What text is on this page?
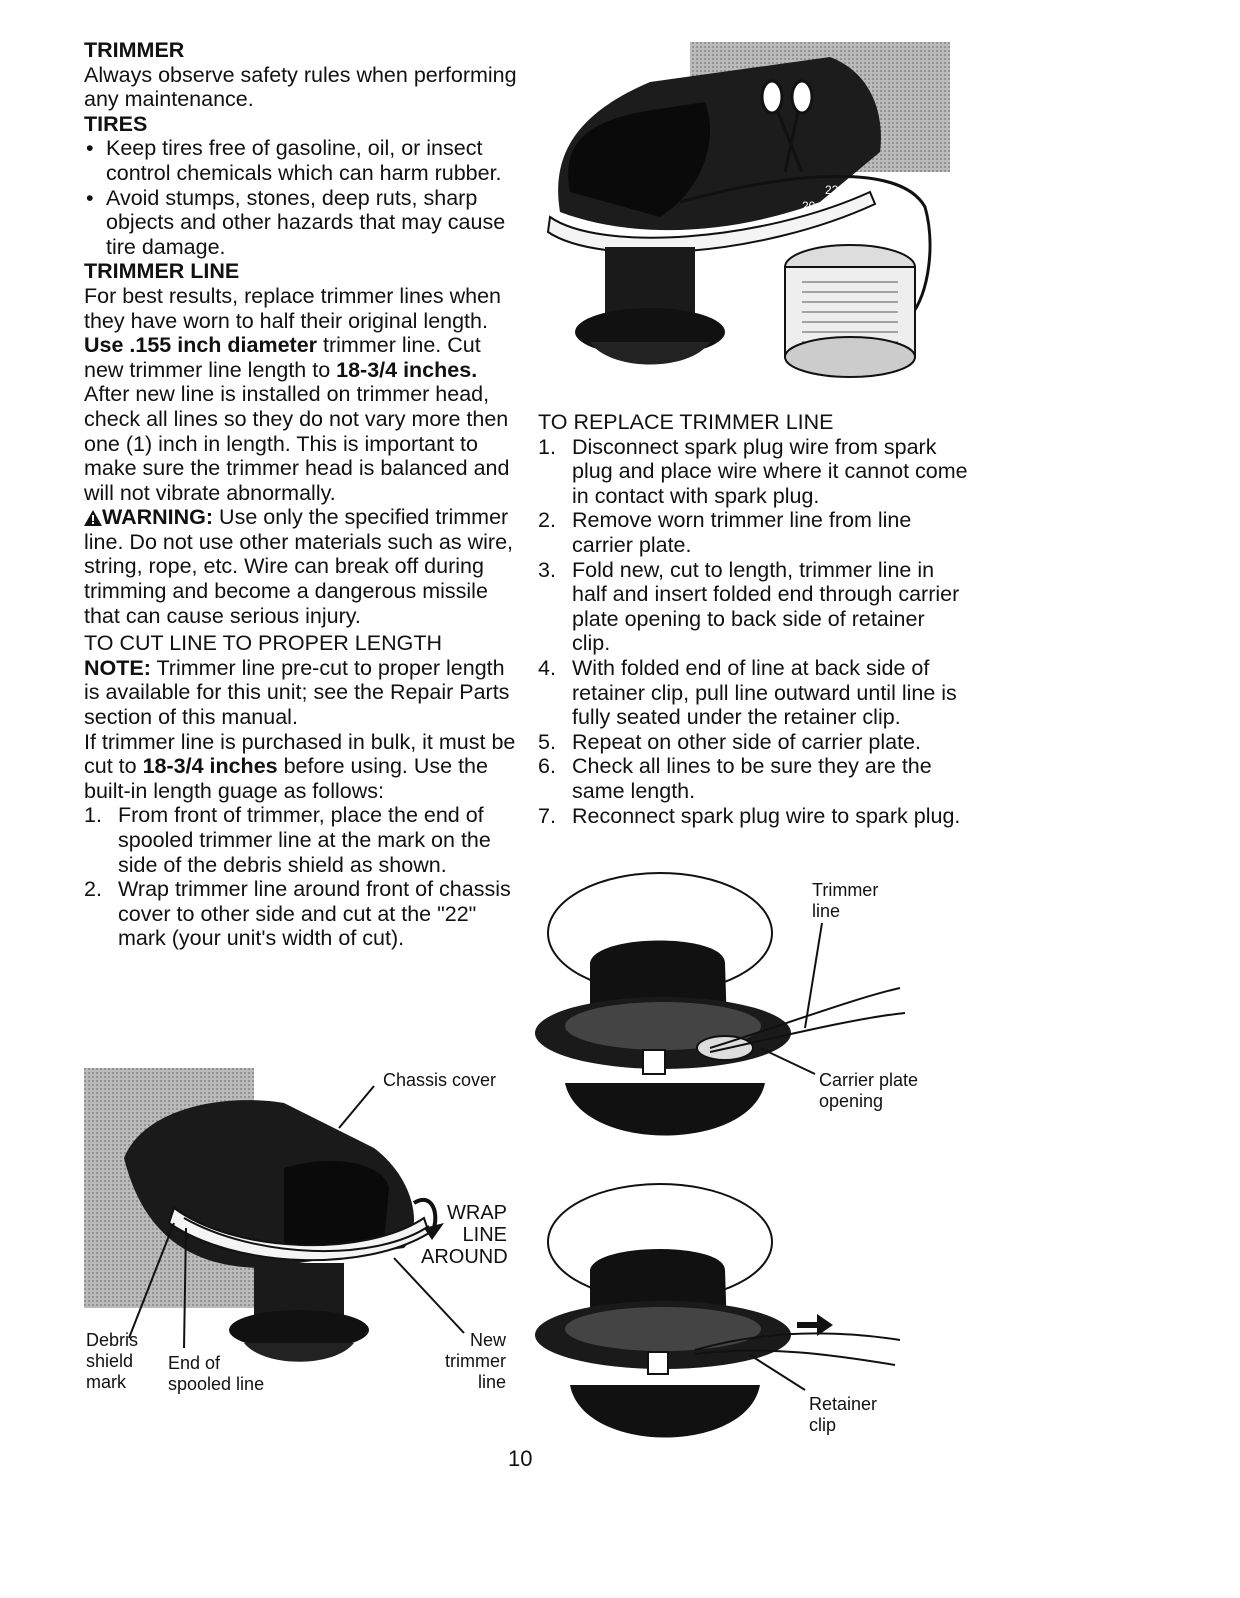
TRIMMER

Always observe safety rules when performing any maintenance.

TIRES
• Keep tires free of gasoline, oil, or insect control chemicals which can harm rubber.
• Avoid stumps, stones, deep ruts, sharp objects and other hazards that may cause tire damage.
TRIMMER LINE

For best results, replace trimmer lines when they have worn to half their original length. Use .155 inch diameter trimmer line. Cut new trimmer line length to 18-3/4 inches. After new line is installed on trimmer head, check all lines so they do not vary more then one (1) inch in length. This is important to make sure the trimmer head is balanced and will not vibrate abnormally.

WARNING: Use only the specified trimmer line. Do not use other materials such as wire, string, rope, etc. Wire can break off during trimming and become a dangerous missile that can cause serious injury.

TO CUT LINE TO PROPER LENGTH

NOTE: Trimmer line pre-cut to proper length is available for this unit; see the Repair Parts section of this manual.

If trimmer line is purchased in bulk, it must be cut to 18-3/4 inches before using. Use the built-in length guage as follows:

1. From front of trimmer, place the end of spooled trimmer line at the mark on the side of the debris shield as shown.
2. Wrap trimmer line around front of chassis cover to other side and cut at the "22" mark (your unit's width of cut).
TO REPLACE TRIMMER LINE
1. Disconnect spark plug wire from spark plug and place wire where it cannot come in contact with spark plug.
2. Remove worn trimmer line from line carrier plate.
3. Fold new, cut to length, trimmer line in half and insert folded end through carrier plate opening to back side of retainer clip.
4. With folded end of line at back side of retainer clip, pull line outward until line is fully seated under the retainer clip.
5. Repeat on other side of carrier plate.
6. Check all lines to be sure they are the same length.
7. Reconnect spark plug wire to spark plug.
22
20
Chassis cover
WRAP
LINE
AROUND
Debris
shield
mark
End of
spooled line
New
trimmer
line
Trimmer
line
Carrier plate
opening
Retainer
clip
10
